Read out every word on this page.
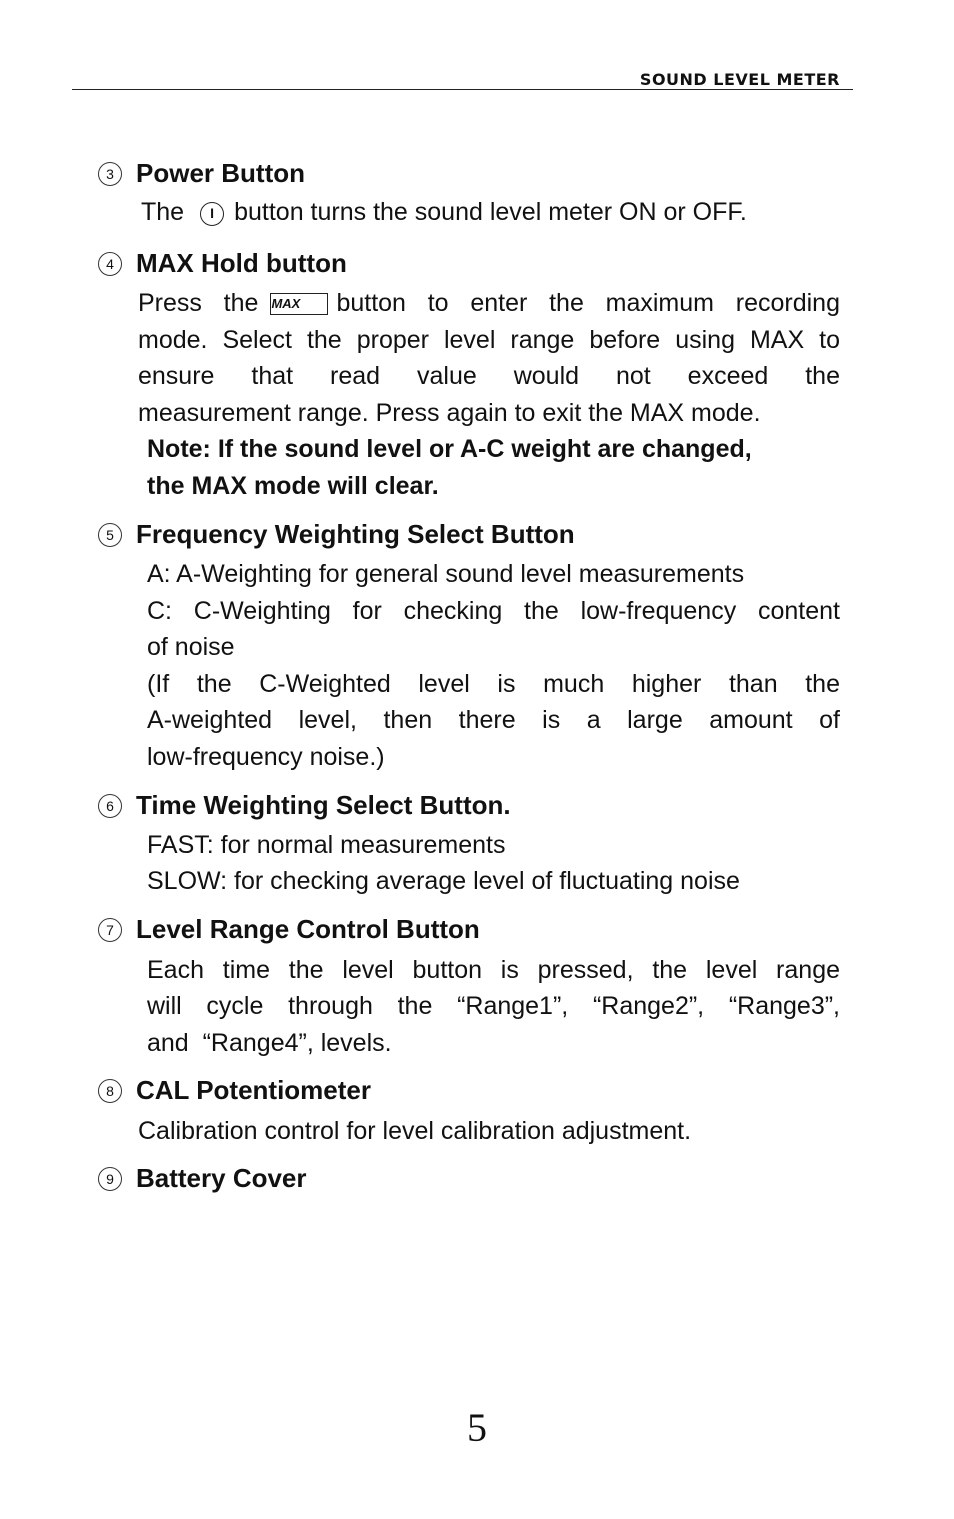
SOUND LEVEL METER
3 Power Button
The I button turns the sound level meter ON or OFF.
4 MAX Hold button
Press the MAX button to enter the maximum recording
mode. Select the proper level range before using MAX to
ensure that read value would not exceed the
measurement range. Press again to exit the MAX mode.
Note: If the sound level or A-C weight are changed,
the MAX mode will clear.
5 Frequency Weighting Select Button
A: A-Weighting for general sound level measurements
C: C-Weighting for checking the low-frequency content
of noise
(If the C-Weighted level is much higher than the
A-weighted level, then there is a large amount of
low-frequency noise.)
6 Time Weighting Select Button.
FAST: for normal measurements
SLOW: for checking average level of fluctuating noise
7 Level Range Control Button
Each time the level button is pressed, the level range
will cycle through the “Range1”, “Range2”, “Range3”,
and  “Range4”, levels.
8 CAL Potentiometer
Calibration control for level calibration adjustment.
9 Battery Cover
5
